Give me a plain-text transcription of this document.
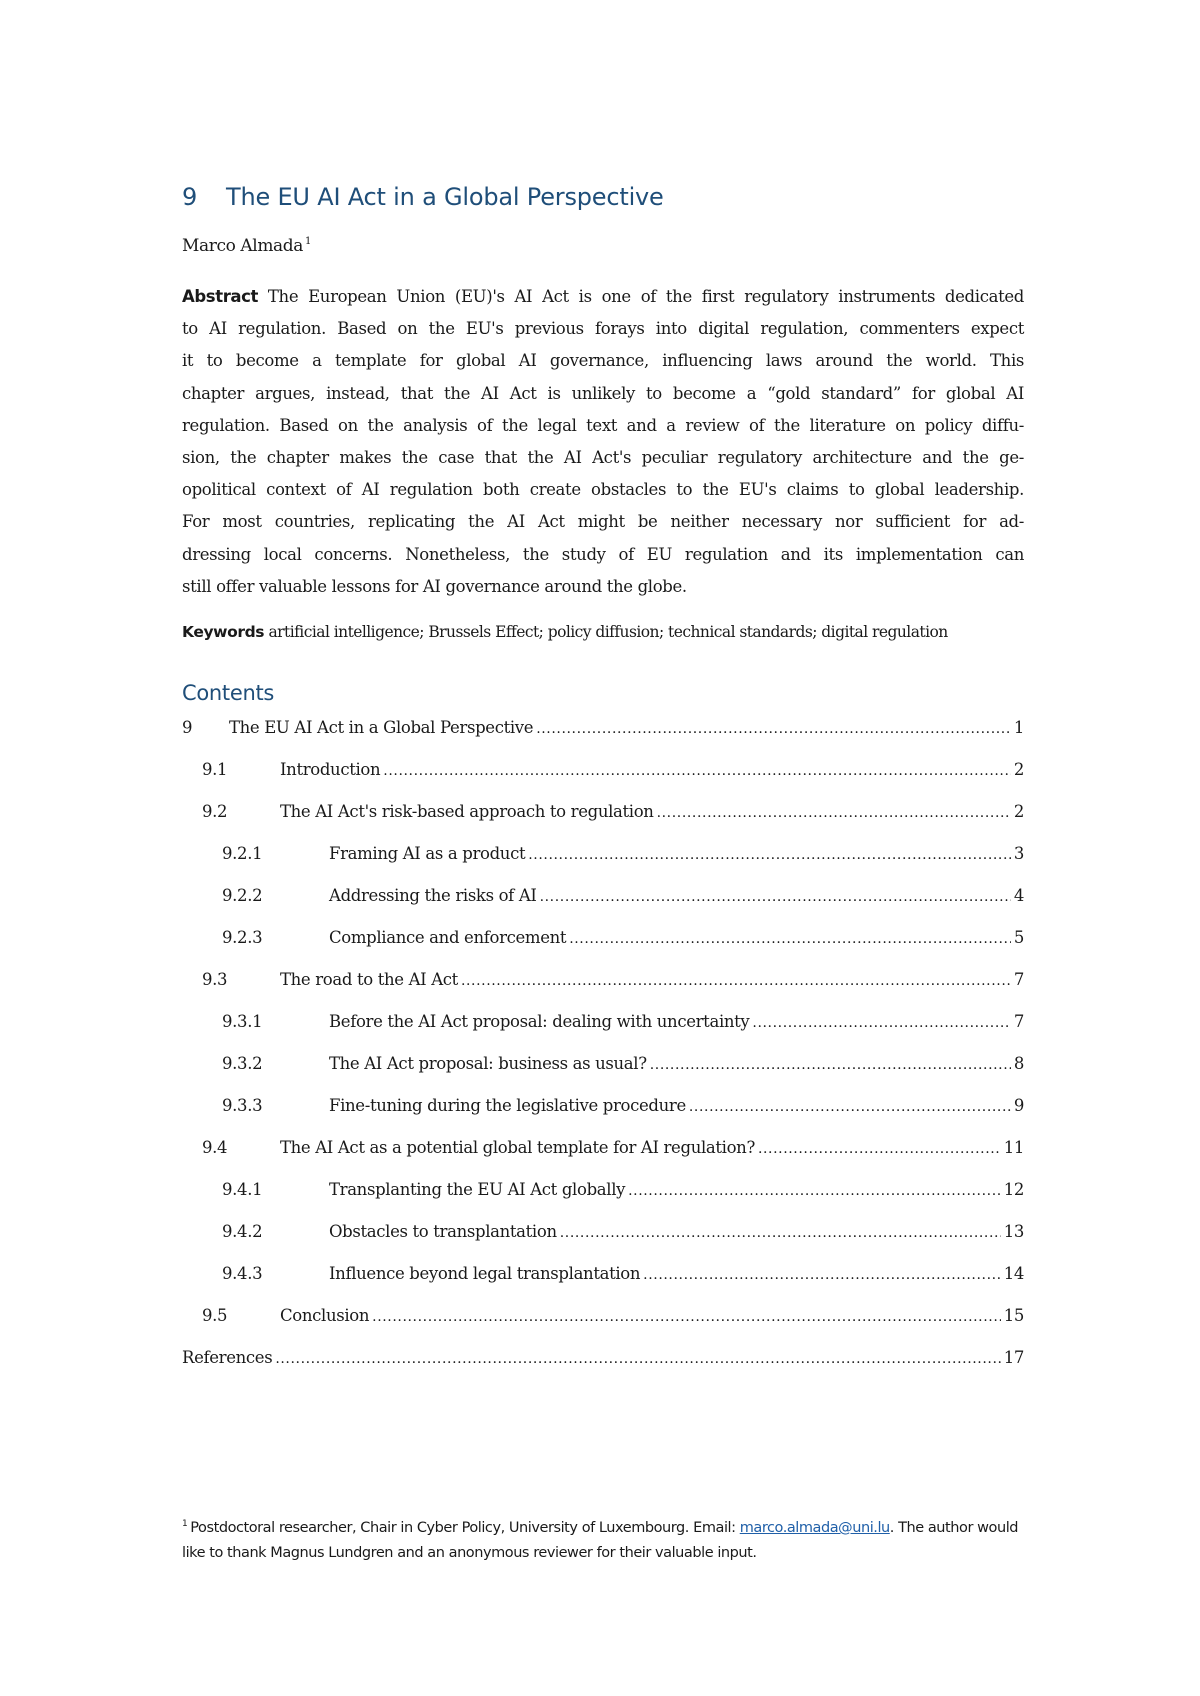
9 The EU AI Act in a Global Perspective
Marco Almada $^1$
Abstract The European Union (EU)'s AI Act is one of the first regulatory instruments dedicated
to AI regulation. Based on the EU's previous forays into digital regulation, commenters expect
it to become a template for global AI governance, influencing laws around the world. This
chapter argues, instead, that the AI Act is unlikely to become a “gold standard” for global AI
regulation. Based on the analysis of the legal text and a review of the literature on policy diffu-
sion, the chapter makes the case that the AI Act's peculiar regulatory architecture and the ge-
opolitical context of AI regulation both create obstacles to the EU's claims to global leadership.
For most countries, replicating the AI Act might be neither necessary nor sufficient for ad-
dressing local concerns. Nonetheless, the study of EU regulation and its implementation can
still offer valuable lessons for AI governance around the globe.
Keywords artificial intelligence; Brussels Effect; policy diffusion; technical standards; digital regulation
Contents
9	The EU AI Act in a Global Perspective .....	1
9.1	Introduction .....	2
9.2	The AI Act's risk-based approach to regulation .....	2
9.2.1	Framing AI as a product .....	3
9.2.2	Addressing the risks of AI .....	4
9.2.3	Compliance and enforcement .....	5
9.3	The road to the AI Act .....	7
9.3.1	Before the AI Act proposal: dealing with uncertainty .....	7
9.3.2	The AI Act proposal: business as usual? .....	8
9.3.3	Fine-tuning during the legislative procedure .....	9
9.4	The AI Act as a potential global template for AI regulation? .....	11
9.4.1	Transplanting the EU AI Act globally .....	12
9.4.2	Obstacles to transplantation .....	13
9.4.3	Influence beyond legal transplantation .....	14
9.5	Conclusion .....	15
References .....	17
$^1$ Postdoctoral researcher, Chair in Cyber Policy, University of Luxembourg. Email: marco.almada@uni.lu. The author would like to thank Magnus Lundgren and an anonymous reviewer for their valuable input.
